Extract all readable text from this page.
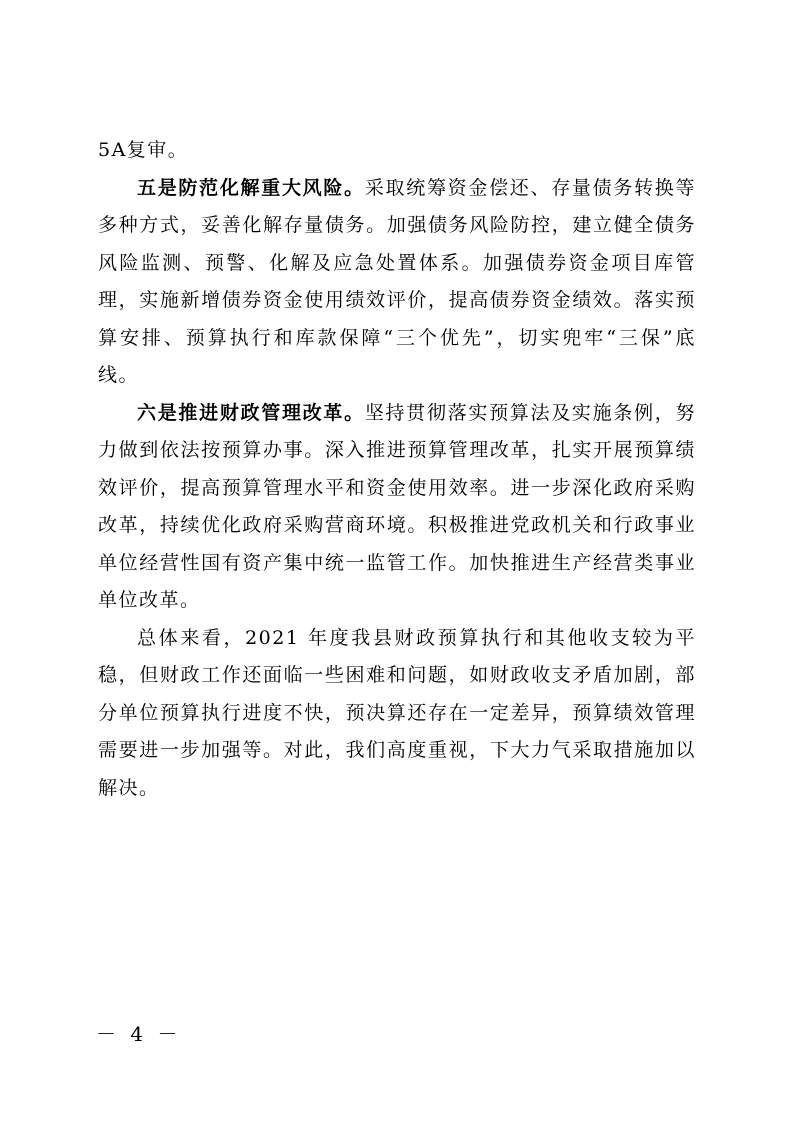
5A复审。

五是防范化解重大风险。采取统筹资金偿还、存量债务转换等多种方式，妥善化解存量债务。加强债务风险防控，建立健全债务风险监测、预警、化解及应急处置体系。加强债券资金项目库管理，实施新增债券资金使用绩效评价，提高债券资金绩效。落实预算安排、预算执行和库款保障“三个优先”，切实兜牢“三保”底线。

六是推进财政管理改革。坚持贯彻落实预算法及实施条例，努力做到依法按预算办事。深入推进预算管理改革，扎实开展预算绩效评价，提高预算管理水平和资金使用效率。进一步深化政府采购改革，持续优化政府采购营商环境。积极推进党政机关和行政事业单位经营性国有资产集中统一监管工作。加快推进生产经营类事业单位改革。

总体来看，2021 年度我县财政预算执行和其他收支较为平稳，但财政工作还面临一些困难和问题，如财政收支矛盾加剧，部分单位预算执行进度不快，预决算还存在一定差异，预算绩效管理需要进一步加强等。对此，我们高度重视，下大力气采取措施加以解决。

－ 4 －
